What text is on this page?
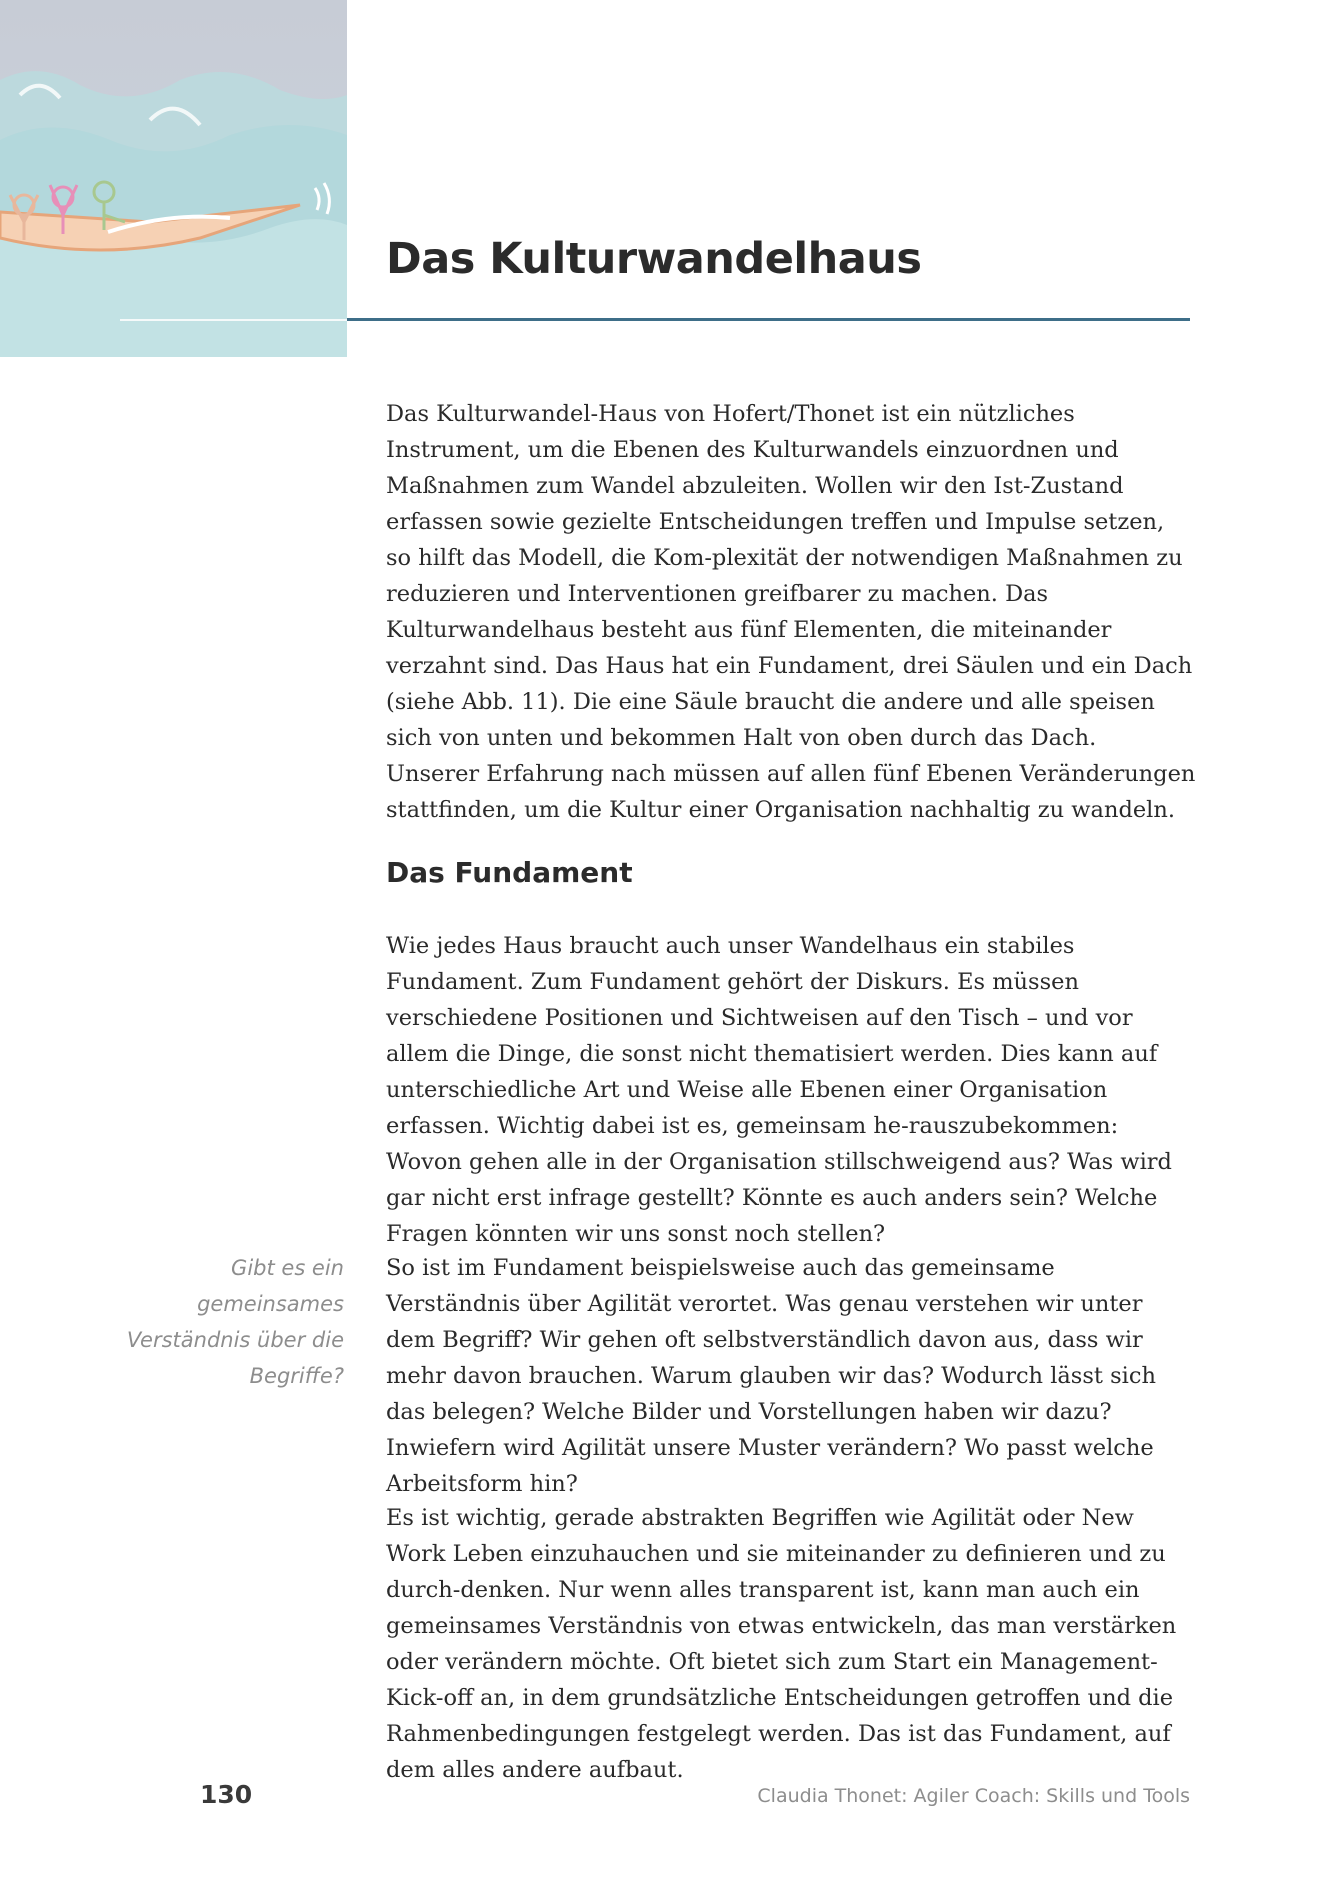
Das Kulturwandelhaus

Das Kulturwandel-Haus von Hofert/Thonet ist ein nützliches Instrument, um die Ebenen des Kulturwandels einzuordnen und Maßnahmen zum Wandel abzuleiten. Wollen wir den Ist-Zustand erfassen sowie gezielte Entscheidungen treffen und Impulse setzen, so hilft das Modell, die Kom-plexität der notwendigen Maßnahmen zu reduzieren und Interventionen greifbarer zu machen. Das Kulturwandelhaus besteht aus fünf Elementen, die miteinander verzahnt sind. Das Haus hat ein Fundament, drei Säulen und ein Dach (siehe Abb. 11). Die eine Säule braucht die andere und alle speisen sich von unten und bekommen Halt von oben durch das Dach. Unserer Erfahrung nach müssen auf allen fünf Ebenen Veränderungen stattfinden, um die Kultur einer Organisation nachhaltig zu wandeln.

Das Fundament

Wie jedes Haus braucht auch unser Wandelhaus ein stabiles Fundament. Zum Fundament gehört der Diskurs. Es müssen verschiedene Positionen und Sichtweisen auf den Tisch – und vor allem die Dinge, die sonst nicht thematisiert werden. Dies kann auf unterschiedliche Art und Weise alle Ebenen einer Organisation erfassen. Wichtig dabei ist es, gemeinsam he-rauszubekommen: Wovon gehen alle in der Organisation stillschweigend aus? Was wird gar nicht erst infrage gestellt? Könnte es auch anders sein? Welche Fragen könnten wir uns sonst noch stellen?

Gibt es ein gemeinsames Verständnis über die Begriffe?

So ist im Fundament beispielsweise auch das gemeinsame Verständnis über Agilität verortet. Was genau verstehen wir unter dem Begriff? Wir gehen oft selbstverständlich davon aus, dass wir mehr davon brauchen. Warum glauben wir das? Wodurch lässt sich das belegen? Welche Bilder und Vorstellungen haben wir dazu? Inwiefern wird Agilität unsere Muster verändern? Wo passt welche Arbeitsform hin?

Es ist wichtig, gerade abstrakten Begriffen wie Agilität oder New Work Leben einzuhauchen und sie miteinander zu definieren und zu durch-denken. Nur wenn alles transparent ist, kann man auch ein gemeinsames Verständnis von etwas entwickeln, das man verstärken oder verändern möchte. Oft bietet sich zum Start ein Management-Kick-off an, in dem grundsätzliche Entscheidungen getroffen und die Rahmenbedingungen festgelegt werden. Das ist das Fundament, auf dem alles andere aufbaut.

130	Claudia Thonet: Agiler Coach: Skills und Tools
